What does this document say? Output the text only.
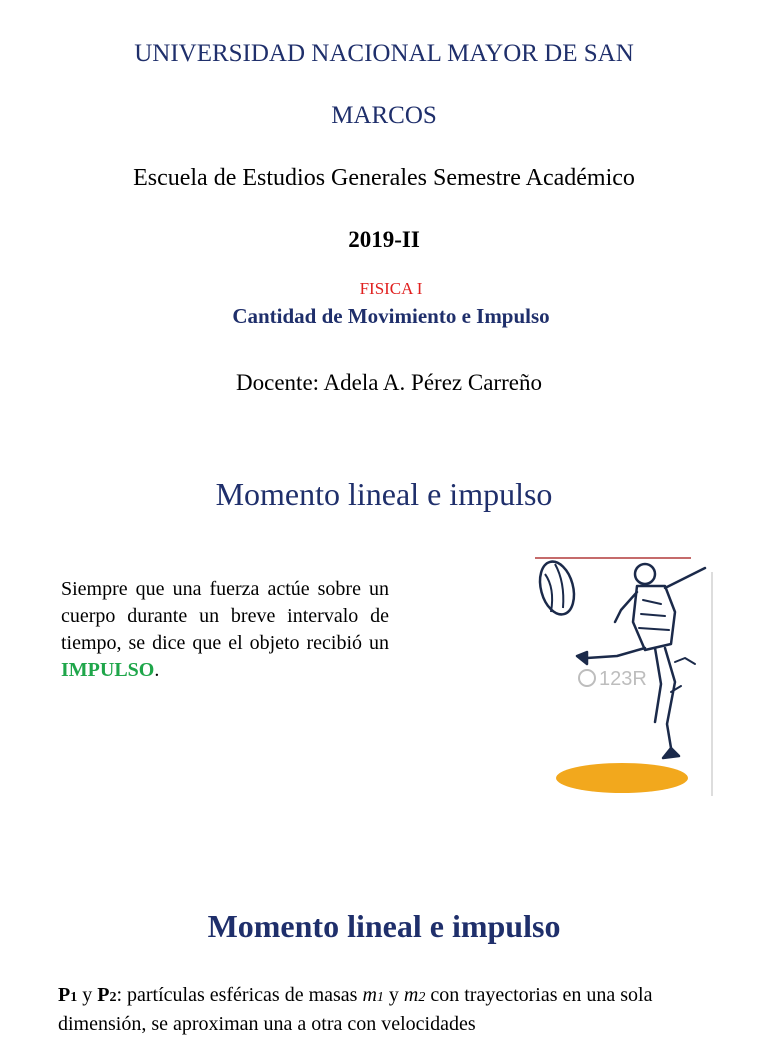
UNIVERSIDAD NACIONAL MAYOR DE SAN
MARCOS
Escuela de Estudios Generales Semestre Académico
2019-II
FISICA I
Cantidad de Movimiento e Impulso
Docente: Adela A. Pérez Carreño
Momento lineal e impulso
Siempre que una fuerza actúe sobre un cuerpo durante un breve intervalo de tiempo, se dice que el objeto recibió un IMPULSO.	123R
Momento lineal e impulso
P1 y P2: partículas esféricas de masas m1 y m2 con trayectorias en una sola dimensión, se aproximan una a otra con velocidades
